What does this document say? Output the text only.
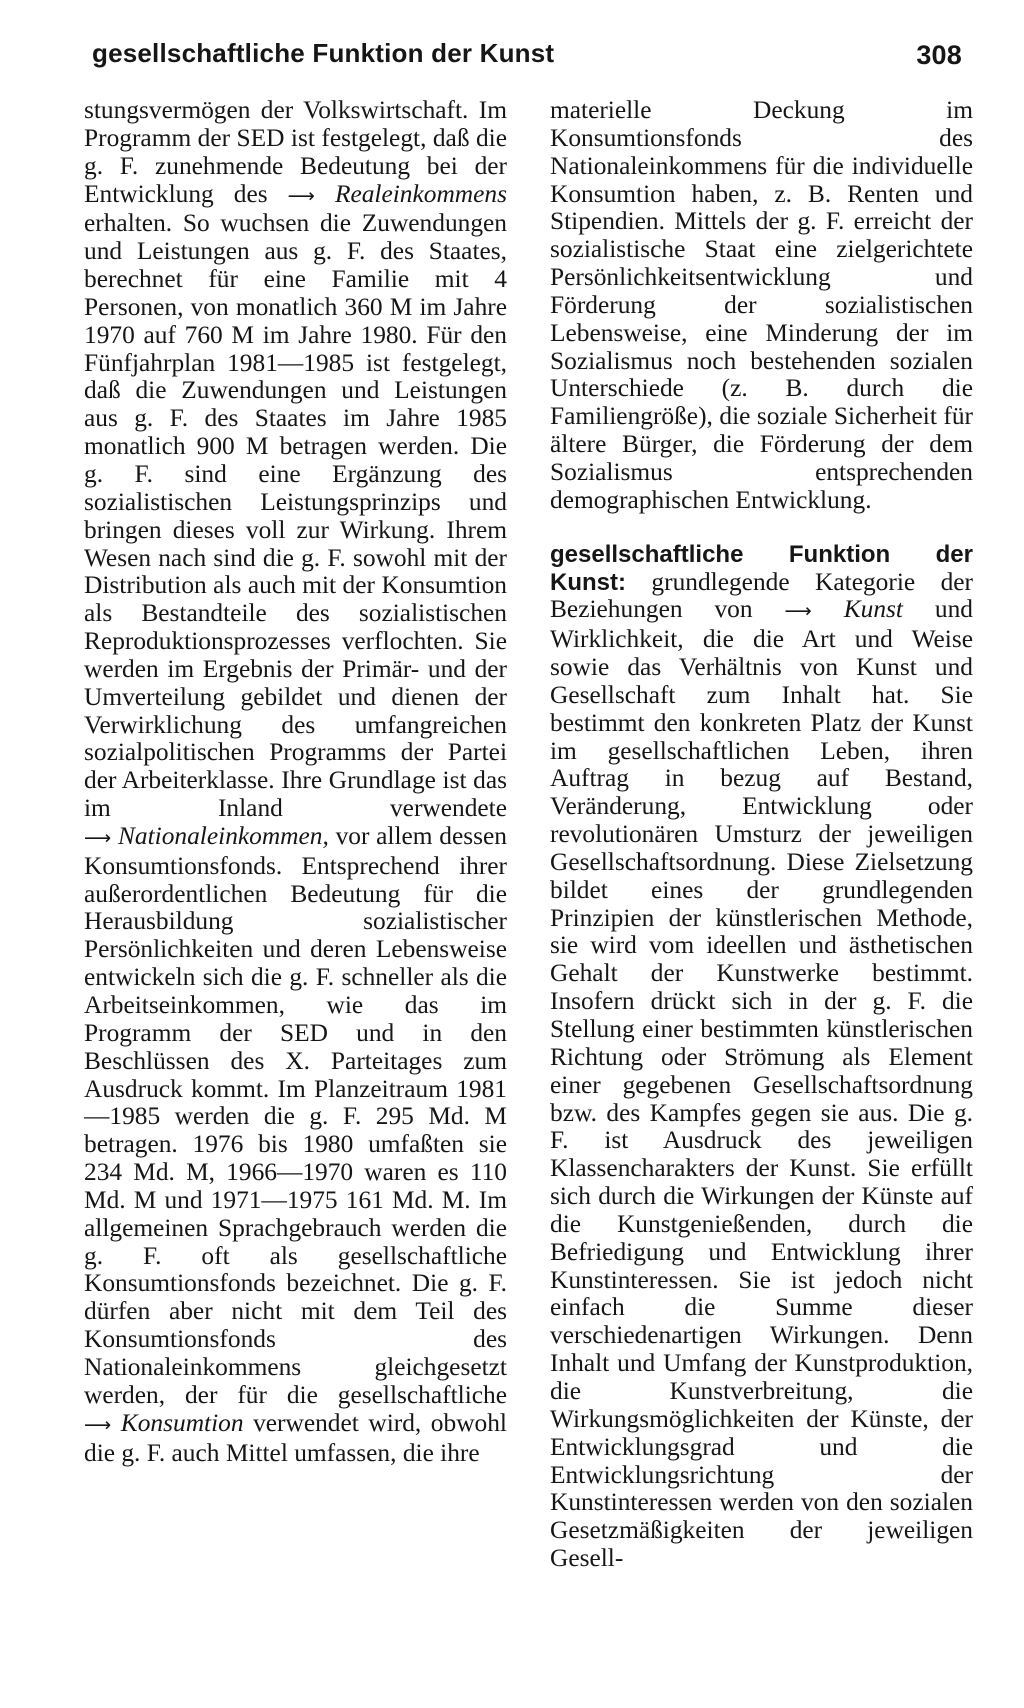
gesellschaftliche Funktion der Kunst	308

stungsvermögen der Volkswirtschaft. Im Programm der SED ist festgelegt, daß die g. F. zunehmende Bedeutung bei der Entwicklung des ⟶ Realeinkommens erhalten. So wuchsen die Zuwendungen und Leistungen aus g. F. des Staates, berechnet für eine Familie mit 4 Personen, von monatlich 360 M im Jahre 1970 auf 760 M im Jahre 1980. Für den Fünfjahrplan 1981—1985 ist festgelegt, daß die Zuwendungen und Leistungen aus g. F. des Staates im Jahre 1985 monatlich 900 M betragen werden. Die g. F. sind eine Ergänzung des sozialistischen Leistungsprinzips und bringen dieses voll zur Wirkung. Ihrem Wesen nach sind die g. F. sowohl mit der Distribution als auch mit der Konsumtion als Bestandteile des sozialistischen Reproduktionsprozesses verflochten. Sie werden im Ergebnis der Primär- und der Umverteilung gebildet und dienen der Verwirklichung des umfangreichen sozialpolitischen Programms der Partei der Arbeiterklasse. Ihre Grundlage ist das im Inland verwendete ⟶ Nationaleinkommen, vor allem dessen Konsumtionsfonds. Entsprechend ihrer außerordentlichen Bedeutung für die Herausbildung sozialistischer Persönlichkeiten und deren Lebensweise entwickeln sich die g. F. schneller als die Arbeitseinkommen, wie das im Programm der SED und in den Beschlüssen des X. Parteitages zum Ausdruck kommt. Im Planzeitraum 1981—1985 werden die g. F. 295 Md. M betragen. 1976 bis 1980 umfaßten sie 234 Md. M, 1966—1970 waren es 110 Md. M und 1971—1975 161 Md. M. Im allgemeinen Sprachgebrauch werden die g. F. oft als gesellschaftliche Konsumtionsfonds bezeichnet. Die g. F. dürfen aber nicht mit dem Teil des Konsumtionsfonds des Nationaleinkommens gleichgesetzt werden, der für die gesellschaftliche ⟶ Konsumtion verwendet wird, obwohl die g. F. auch Mittel umfassen, die ihre

materielle Deckung im Konsumtionsfonds des Nationaleinkommens für die individuelle Konsumtion haben, z. B. Renten und Stipendien. Mittels der g. F. erreicht der sozialistische Staat eine zielgerichtete Persönlichkeitsentwicklung und Förderung der sozialistischen Lebensweise, eine Minderung der im Sozialismus noch bestehenden sozialen Unterschiede (z. B. durch die Familiengröße), die soziale Sicherheit für ältere Bürger, die Förderung der dem Sozialismus entsprechenden demographischen Entwicklung.

gesellschaftliche Funktion der Kunst: grundlegende Kategorie der Beziehungen von ⟶ Kunst und Wirklichkeit, die die Art und Weise sowie das Verhältnis von Kunst und Gesellschaft zum Inhalt hat. Sie bestimmt den konkreten Platz der Kunst im gesellschaftlichen Leben, ihren Auftrag in bezug auf Bestand, Veränderung, Entwicklung oder revolutionären Umsturz der jeweiligen Gesellschaftsordnung. Diese Zielsetzung bildet eines der grundlegenden Prinzipien der künstlerischen Methode, sie wird vom ideellen und ästhetischen Gehalt der Kunstwerke bestimmt. Insofern drückt sich in der g. F. die Stellung einer bestimmten künstlerischen Richtung oder Strömung als Element einer gegebenen Gesellschaftsordnung bzw. des Kampfes gegen sie aus. Die g. F. ist Ausdruck des jeweiligen Klassencharakters der Kunst. Sie erfüllt sich durch die Wirkungen der Künste auf die Kunstgenießenden, durch die Befriedigung und Entwicklung ihrer Kunstinteressen. Sie ist jedoch nicht einfach die Summe dieser verschiedenartigen Wirkungen. Denn Inhalt und Umfang der Kunstproduktion, die Kunstverbreitung, die Wirkungsmöglichkeiten der Künste, der Entwicklungsgrad und die Entwicklungsrichtung der Kunstinteressen werden von den sozialen Gesetzmäßigkeiten der jeweiligen Gesell-
